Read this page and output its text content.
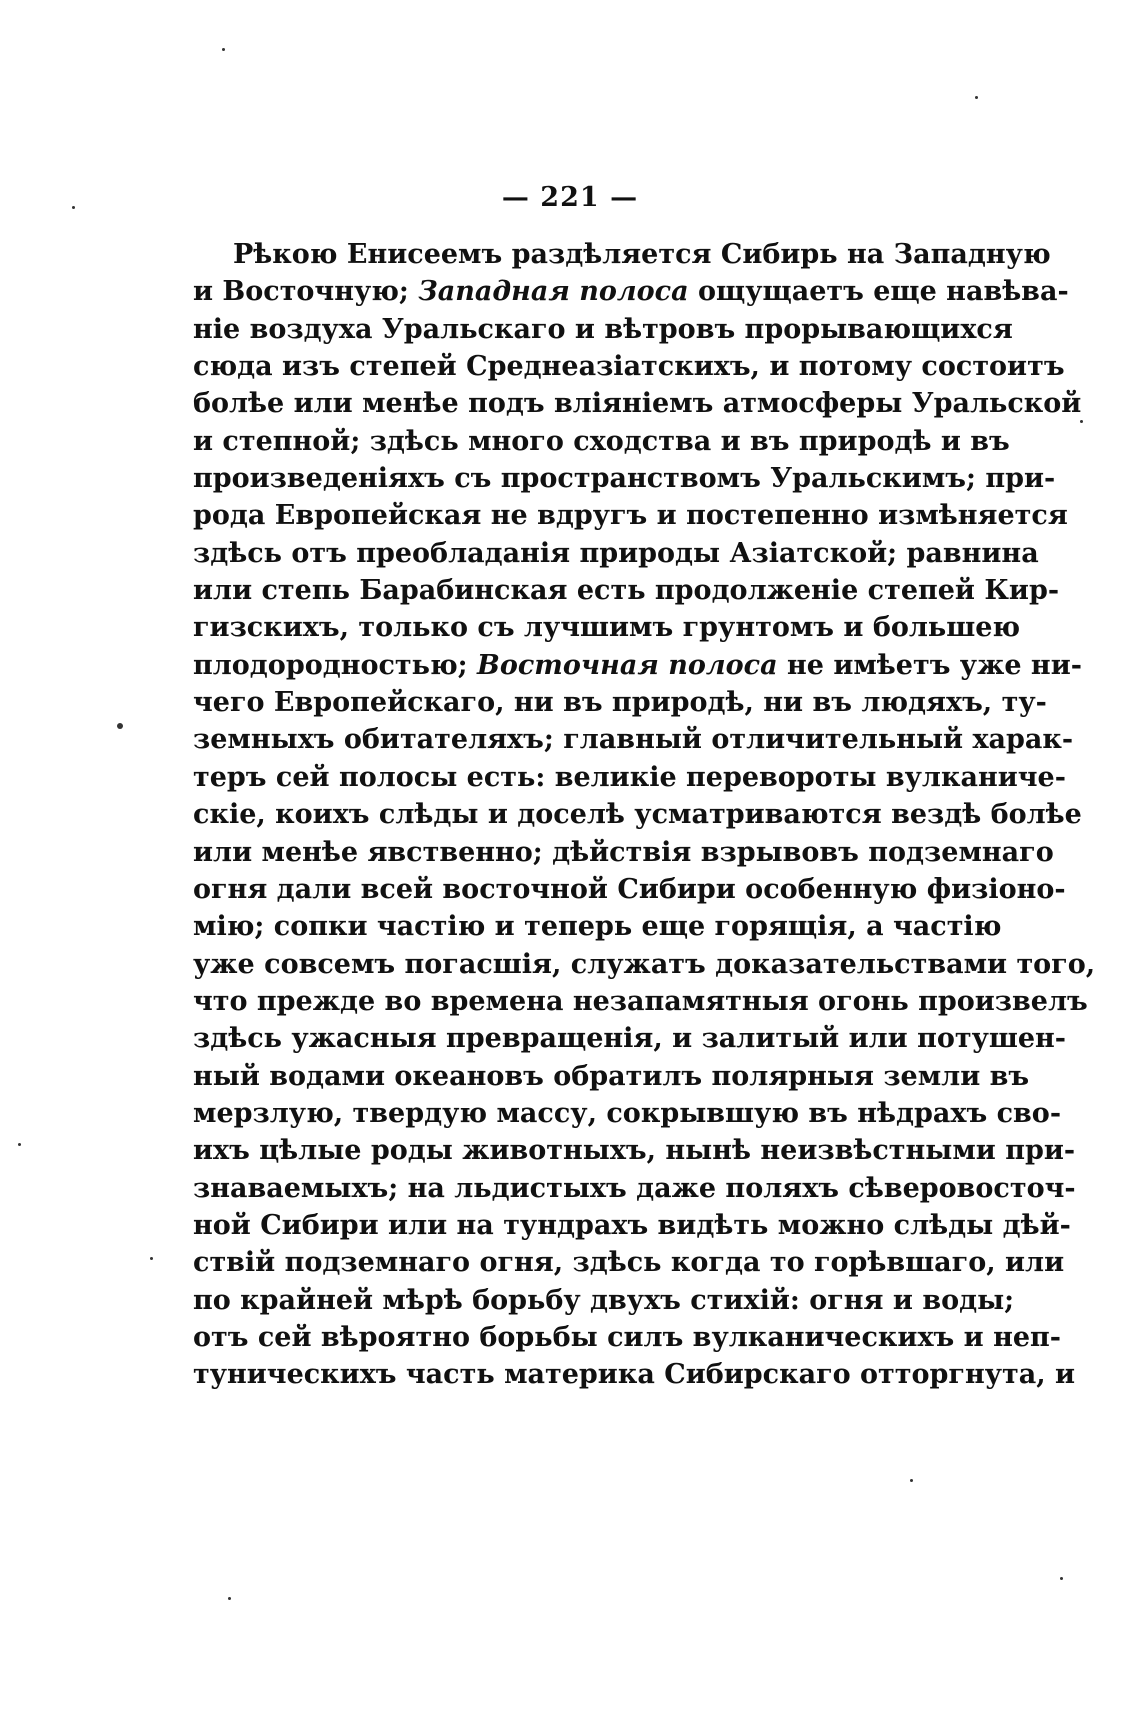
— 221 —
Рѣкою Енисеемъ раздѣляется Сибирь на Западную
и Восточную; Западная полоса ощущаетъ еще навѣва-
ніе воздуха Уральскаго и вѣтровъ прорывающихся
сюда изъ степей Среднеазіатскихъ, и потому состоитъ
болѣе или менѣе подъ вліяніемъ атмосферы Уральской
и степной; здѣсь много сходства и въ природѣ и въ
произведеніяхъ съ пространствомъ Уральскимъ; при-
рода Европейская не вдругъ и постепенно измѣняется
здѣсь отъ преобладанія природы Азіатской; равнина
или степь Барабинская есть продолженіе степей Кир-
гизскихъ, только съ лучшимъ грунтомъ и большею
плодородностью; Восточная полоса не имѣетъ уже ни-
чего Европейскаго, ни въ природѣ, ни въ людяхъ, ту-
земныхъ обитателяхъ; главный отличительный харак-
теръ сей полосы есть: великіе перевороты вулканиче-
скіе, коихъ слѣды и доселѣ усматриваются вездѣ болѣе
или менѣе явственно; дѣйствія взрывовъ подземнаго
огня дали всей восточной Сибири особенную физіоно-
мію; сопки частію и теперь еще горящія, а частію
уже совсемъ погасшія, служатъ доказательствами того,
что прежде во времена незапамятныя огонь произвелъ
здѣсь ужасныя превращенія, и залитый или потушен-
ный водами океановъ обратилъ полярныя земли въ
мерзлую, твердую массу, сокрывшую въ нѣдрахъ сво-
ихъ цѣлые роды животныхъ, нынѣ неизвѣстными при-
знаваемыхъ; на льдистыхъ даже поляхъ сѣверовосточ-
ной Сибири или на тундрахъ видѣть можно слѣды дѣй-
ствій подземнаго огня, здѣсь когда то горѣвшаго, или
по крайней мѣрѣ борьбу двухъ стихій: огня и воды;
отъ сей вѣроятно борьбы силъ вулканическихъ и неп-
туническихъ часть материка Сибирскаго отторгнута, и
